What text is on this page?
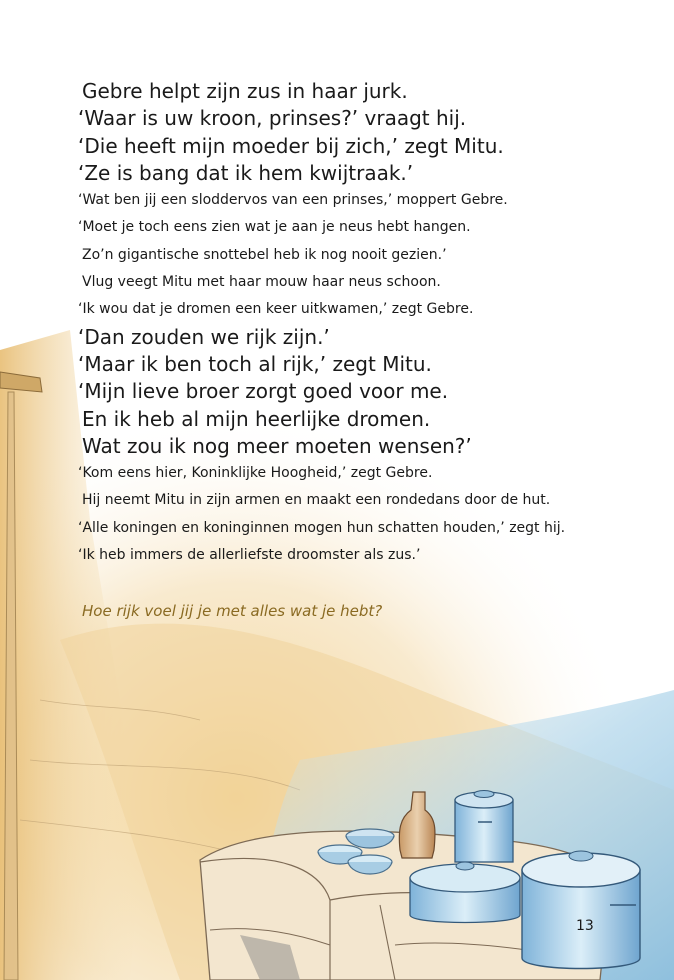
Gebre helpt zijn zus in haar jurk.
‘Waar is uw kroon, prinses?’ vraagt hij.
‘Die heeft mijn moeder bij zich,’ zegt Mitu.
‘Ze is bang dat ik hem kwijtraak.’
‘Wat ben jij een sloddervos van een prinses,’ moppert Gebre.
‘Moet je toch eens zien wat je aan je neus hebt hangen.
Zo’n gigantische snottebel heb ik nog nooit gezien.’
Vlug veegt Mitu met haar mouw haar neus schoon.
‘Ik wou dat je dromen een keer uitkwamen,’ zegt Gebre.
‘Dan zouden we rijk zijn.’
‘Maar ik ben toch al rijk,’ zegt Mitu.
‘Mijn lieve broer zorgt goed voor me.
En ik heb al mijn heerlijke dromen.
Wat zou ik nog meer moeten wensen?’
‘Kom eens hier, Koninklijke Hoogheid,’ zegt Gebre.
Hij neemt Mitu in zijn armen en maakt een rondedans door de hut.
‘Alle koningen en koninginnen mogen hun schatten houden,’ zegt hij.
‘Ik heb immers de allerliefste droomster als zus.’
Hoe rijk voel jij je met alles wat je hebt?
13
